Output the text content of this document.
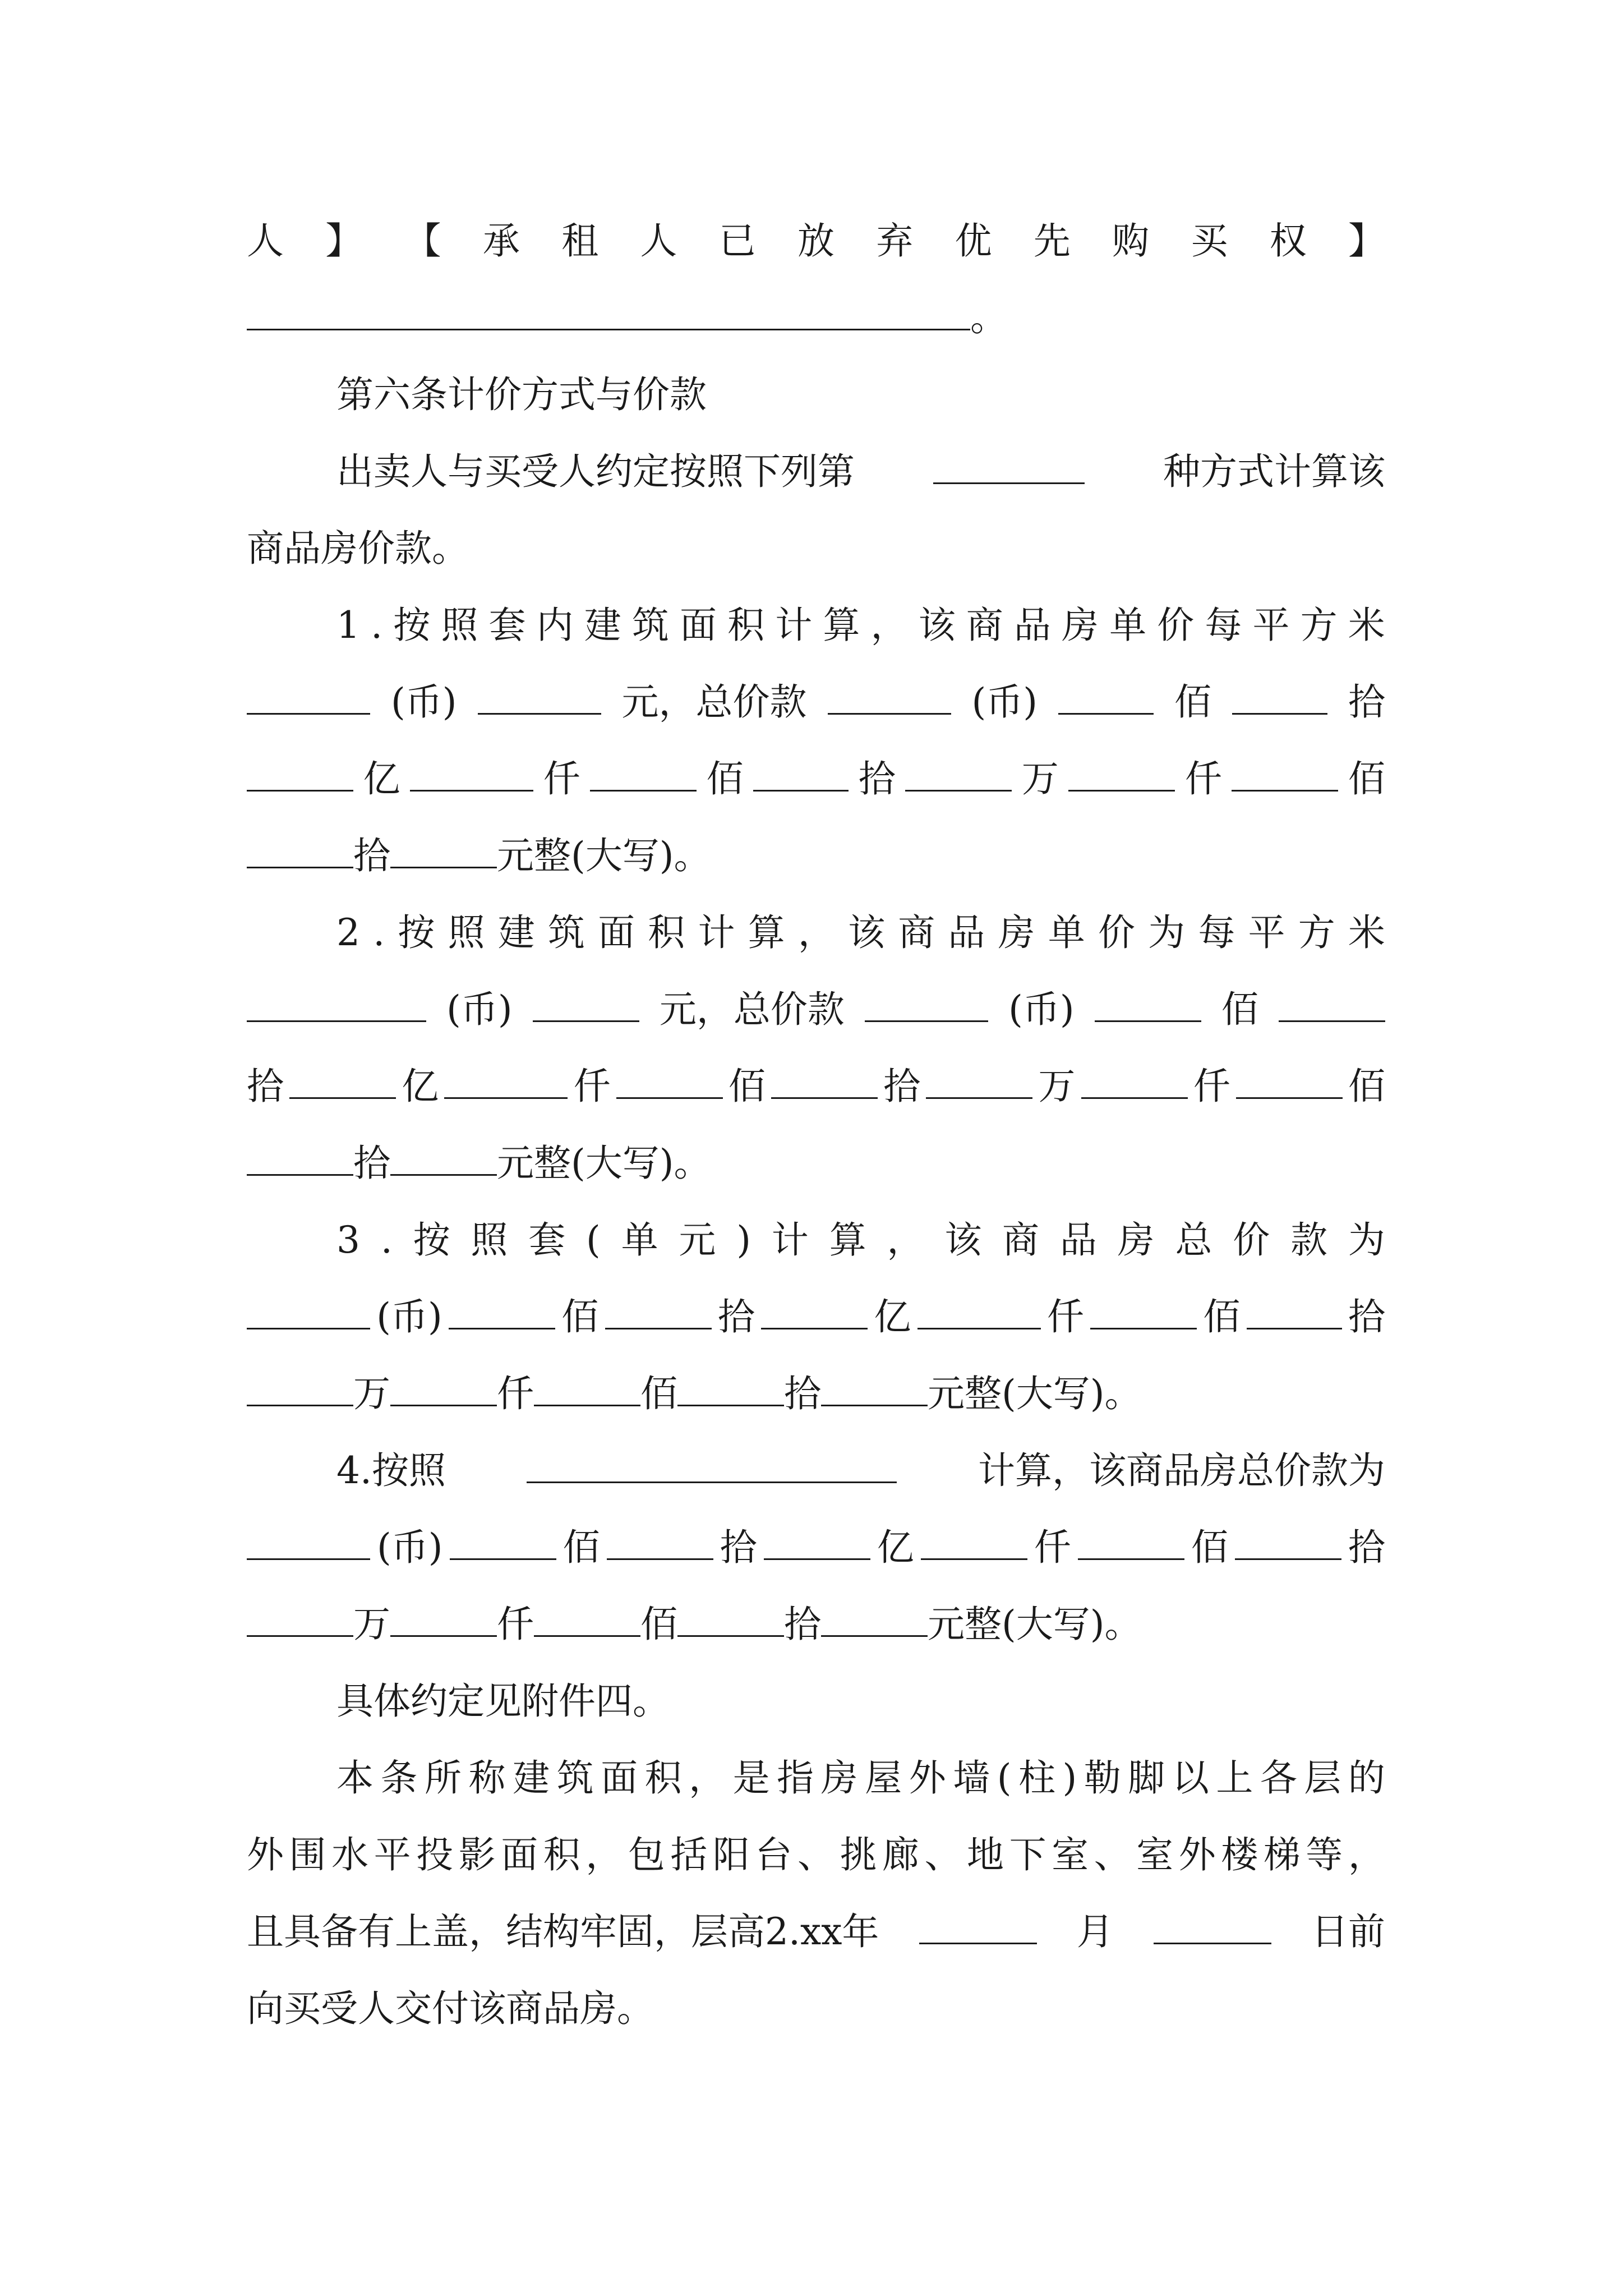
人 】 【 承 租 人 已 放 弃 优 先 购 买 权 】
。
第六条计价方式与价款
出卖人与买受人约定按照下列第	种方式计算该
商品房价款。
1 . 按 照 套 内 建 筑 面 积 计 算 ， 该 商 品 房 单 价 每 平 方 米
(币)	元，总价款	(币)	佰	拾
亿	仟	佰	拾	万	仟	佰
拾	元整(大写)。
2 . 按 照 建 筑 面 积 计 算 ， 该 商 品 房 单 价 为 每 平 方 米
(币)	元，总价款	(币)	佰
拾	亿	仟	佰	拾	万	仟	佰
拾	元整(大写)。
3 . 按 照 套 ( 单 元 ) 计 算 ， 该 商 品 房 总 价 款 为
(币)	佰	拾	亿	仟	佰	拾
万	仟	佰	拾	元整(大写)。
4.按照	计算，该商品房总价款为
(币)	佰	拾	亿	仟	佰	拾
万	仟	佰	拾	元整(大写)。
具体约定见附件四。
本 条 所 称 建 筑 面 积 ， 是 指 房 屋 外 墙 ( 柱 ) 勒 脚 以 上 各 层 的
外 围 水 平 投 影 面 积 ， 包 括 阳 台 、 挑 廊 、 地 下 室 、 室 外 楼 梯 等 ，
且具备有上盖，结构牢固，层高2.xx年	月	日前
向买受人交付该商品房。
